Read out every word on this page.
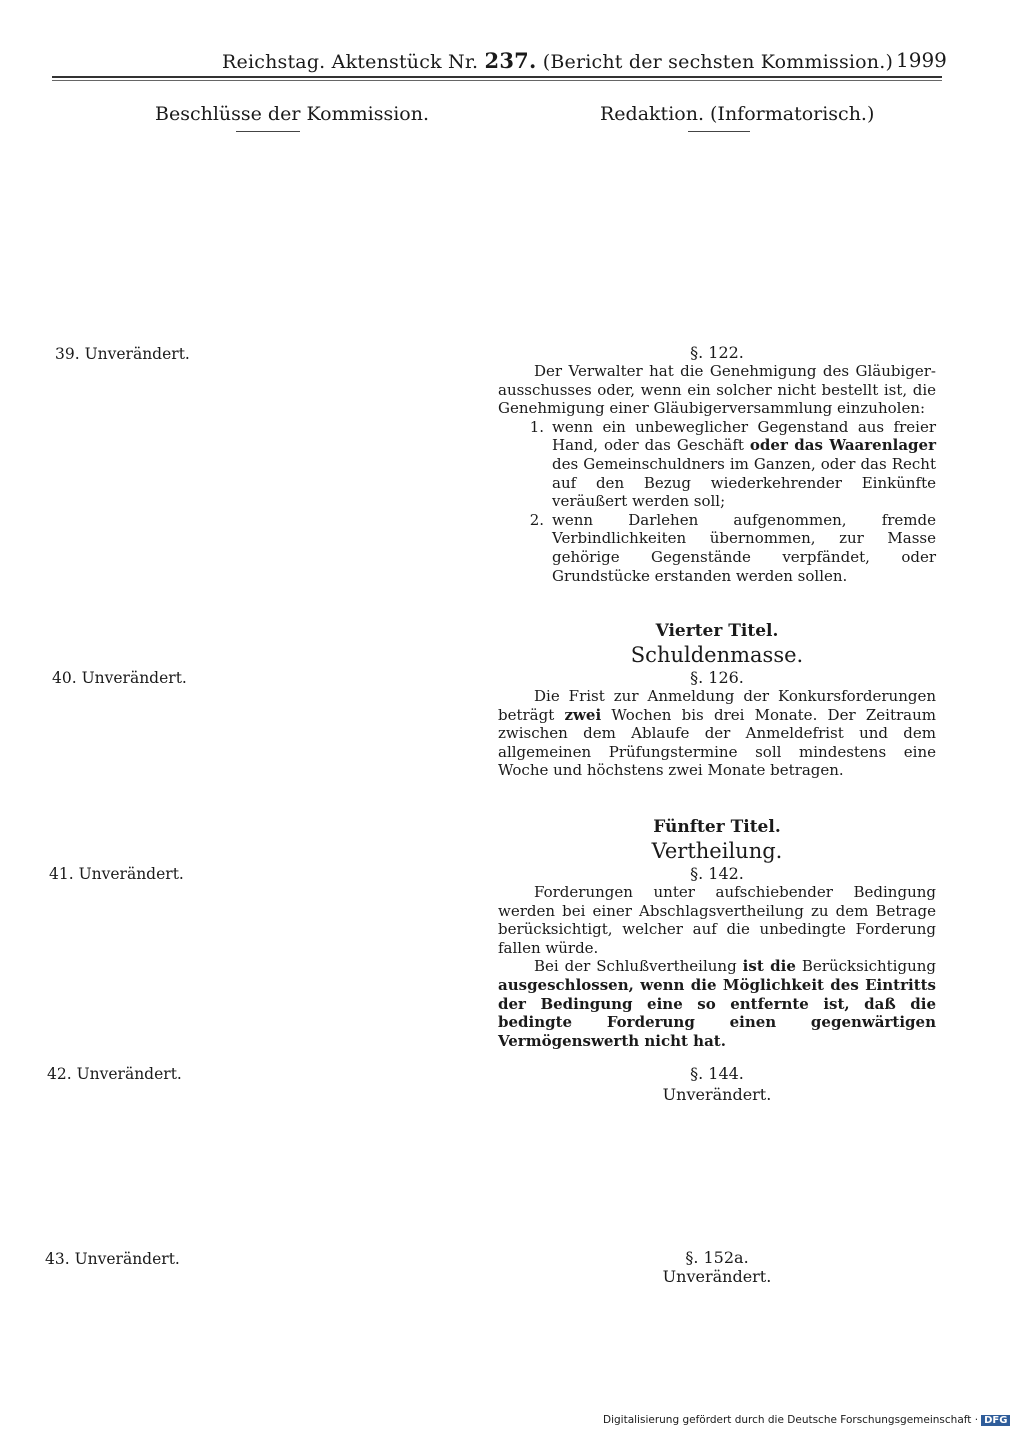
Reichstag. Aktenstück Nr. 237. (Bericht der sechsten Kommission.) 1999
Beschlüsse der Kommission.	Redaktion. (Informatorisch.)
39. Unverändert.
40. Unverändert.
41. Unverändert.
42. Unverändert.
43. Unverändert.
§. 122.

Der Verwalter hat die Genehmigung des Gläubiger-ausschusses oder, wenn ein solcher nicht bestellt ist, die Genehmigung einer Gläubigerversammlung einzuholen:

1. wenn ein unbeweglicher Gegenstand aus freier Hand, oder das Geschäft oder das Waarenlager des Gemeinschuldners im Ganzen, oder das Recht auf den Bezug wiederkehrender Einkünfte veräußert werden soll;
2. wenn Darlehen aufgenommen, fremde Verbindlichkeiten übernommen, zur Masse gehörige Gegenstände verpfändet, oder Grundstücke erstanden werden sollen.
Vierter Titel.
Schuldenmasse.
§. 126.

Die Frist zur Anmeldung der Konkursforderungen beträgt zwei Wochen bis drei Monate. Der Zeitraum zwischen dem Ablaufe der Anmeldefrist und dem allgemeinen Prüfungstermine soll mindestens eine Woche und höchstens zwei Monate betragen.

Fünfter Titel.
Vertheilung.
§. 142.

Forderungen unter aufschiebender Bedingung werden bei einer Abschlagsvertheilung zu dem Betrage berücksichtigt, welcher auf die unbedingte Forderung fallen würde.

Bei der Schlußvertheilung ist die Berücksichtigung ausgeschlossen, wenn die Möglichkeit des Eintritts der Bedingung eine so entfernte ist, daß die bedingte Forderung einen gegenwärtigen Vermögenswerth nicht hat.

§. 144.
Unverändert.
§. 152a.
Unverändert.
Digitalisierung gefördert durch die Deutsche Forschungsgemeinschaft · DFG
